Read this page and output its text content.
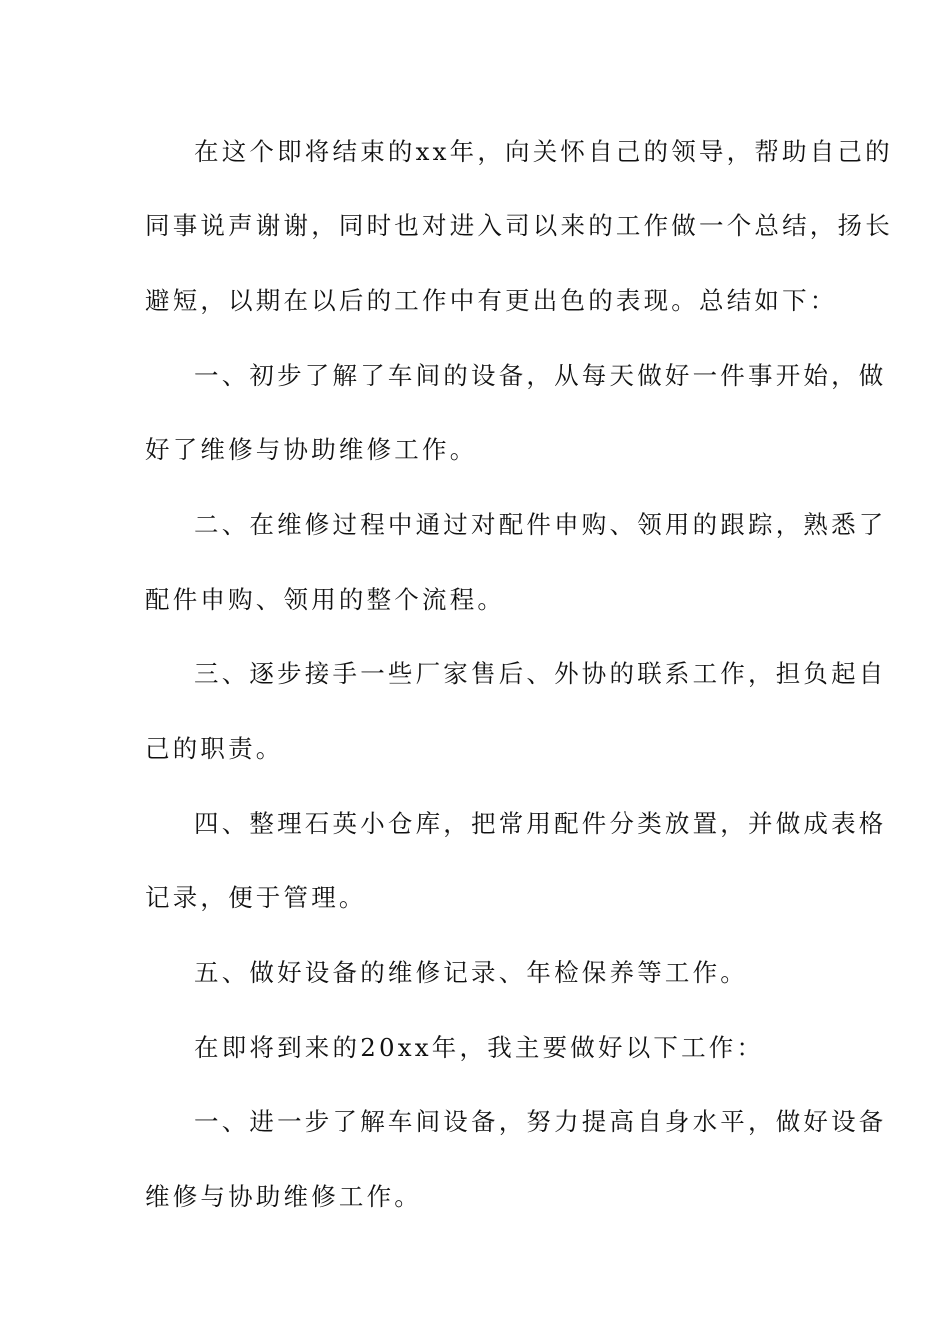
在这个即将结束的xx年，向关怀自己的领导，帮助自己的
同事说声谢谢，同时也对进入司以来的工作做一个总结，扬长
避短，以期在以后的工作中有更出色的表现。总结如下：
一、初步了解了车间的设备，从每天做好一件事开始，做
好了维修与协助维修工作。
二、在维修过程中通过对配件申购、领用的跟踪，熟悉了
配件申购、领用的整个流程。
三、逐步接手一些厂家售后、外协的联系工作，担负起自
己的职责。
四、整理石英小仓库，把常用配件分类放置，并做成表格
记录，便于管理。
五、做好设备的维修记录、年检保养等工作。
在即将到来的20xx年，我主要做好以下工作：
一、进一步了解车间设备，努力提高自身水平，做好设备
维修与协助维修工作。
